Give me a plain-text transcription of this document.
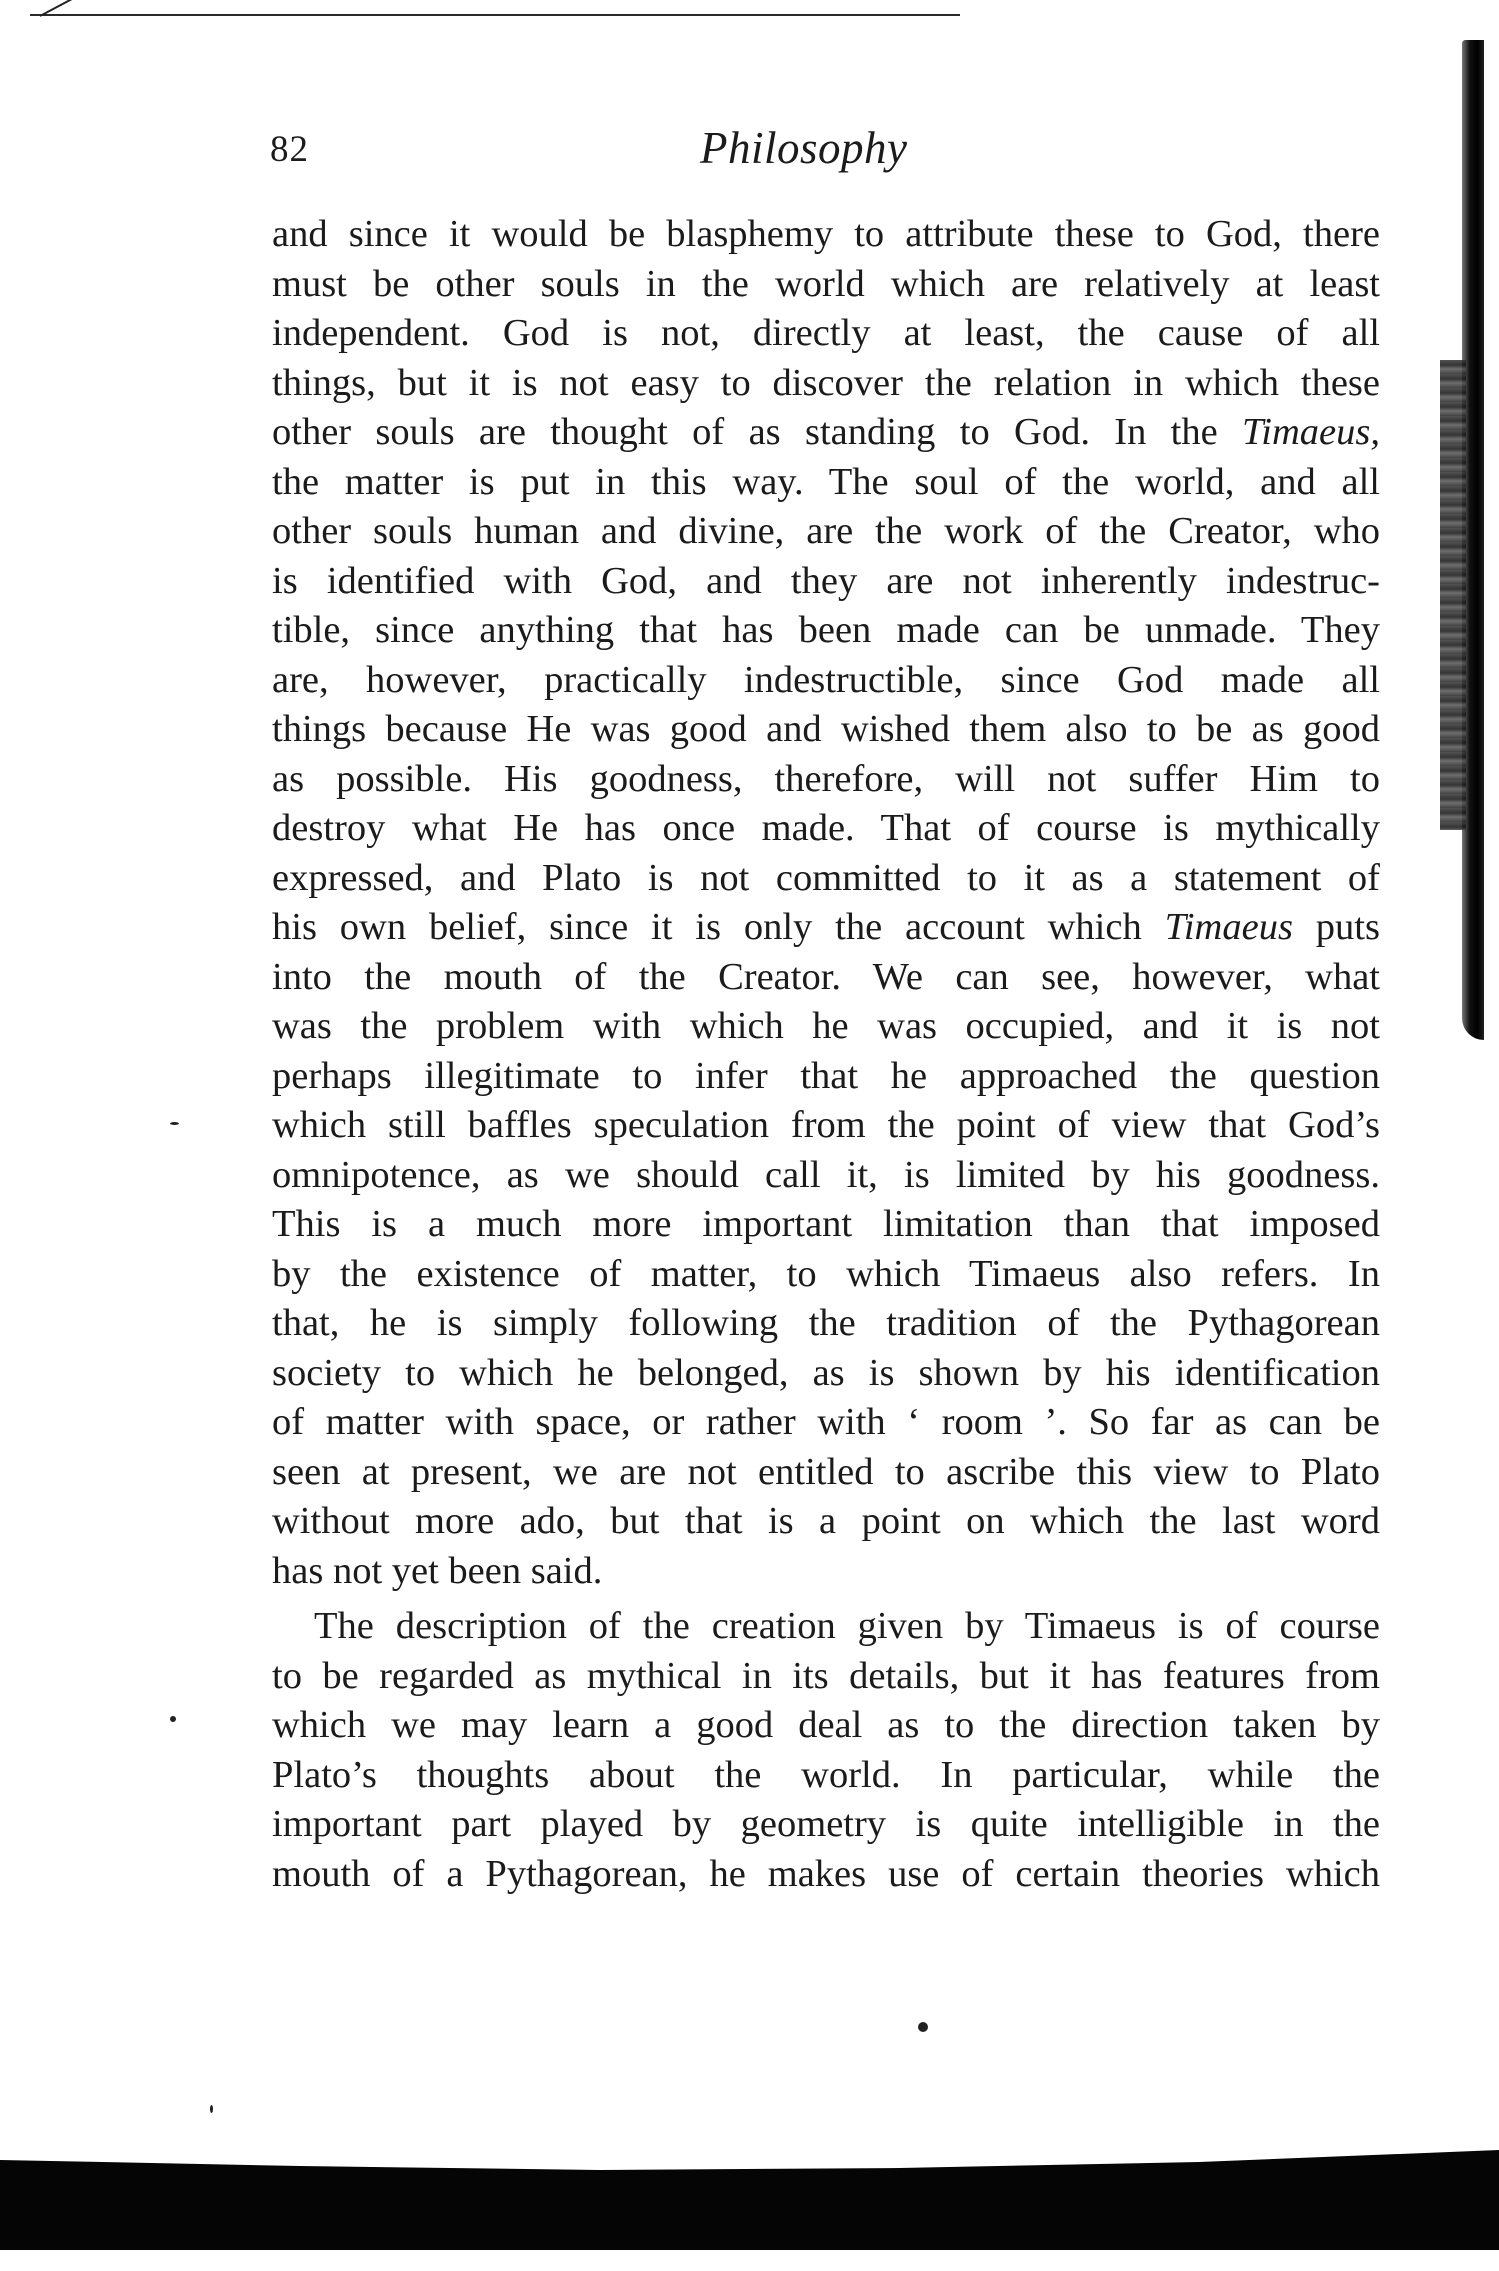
82	Philosophy
and since it would be blasphemy to attribute these to God, there
must be other souls in the world which are relatively at least
independent. God is not, directly at least, the cause of all
things, but it is not easy to discover the relation in which these
other souls are thought of as standing to God. In the Timaeus,
the matter is put in this way. The soul of the world, and all
other souls human and divine, are the work of the Creator, who
is identified with God, and they are not inherently indestruc-
tible, since anything that has been made can be unmade. They
are, however, practically indestructible, since God made all
things because He was good and wished them also to be as good
as possible. His goodness, therefore, will not suffer Him to
destroy what He has once made. That of course is mythically
expressed, and Plato is not committed to it as a statement of
his own belief, since it is only the account which Timaeus puts
into the mouth of the Creator. We can see, however, what
was the problem with which he was occupied, and it is not
perhaps illegitimate to infer that he approached the question
which still baffles speculation from the point of view that God’s
omnipotence, as we should call it, is limited by his goodness.
This is a much more important limitation than that imposed
by the existence of matter, to which Timaeus also refers. In
that, he is simply following the tradition of the Pythagorean
society to which he belonged, as is shown by his identification
of matter with space, or rather with ‘ room ’. So far as can be
seen at present, we are not entitled to ascribe this view to Plato
without more ado, but that is a point on which the last word
has not yet been said.
The description of the creation given by Timaeus is of course
to be regarded as mythical in its details, but it has features from
which we may learn a good deal as to the direction taken by
Plato’s thoughts about the world. In particular, while the
important part played by geometry is quite intelligible in the
mouth of a Pythagorean, he makes use of certain theories which
